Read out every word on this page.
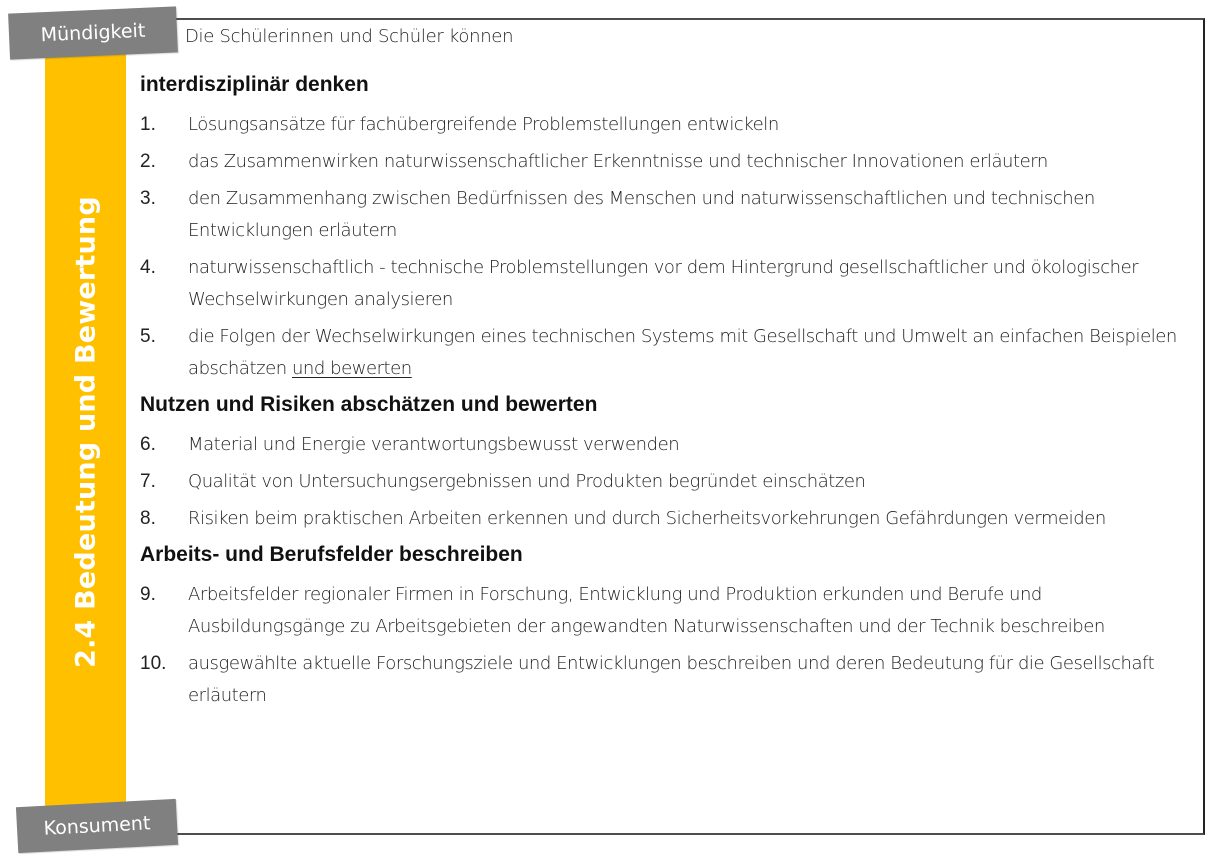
2.4 Bedeutung und Bewertung
Mündigkeit
Konsument
Die Schülerinnen und Schüler können
interdisziplinär denken
1.	Lösungsansätze für fachübergreifende Problemstellungen entwickeln
2.	das Zusammenwirken naturwissenschaftlicher Erkenntnisse und technischer Innovationen erläutern
3.	den Zusammenhang zwischen Bedürfnissen des Menschen und naturwissenschaftlichen und technischen Entwicklungen erläutern
4.	naturwissenschaftlich - technische Problemstellungen vor dem Hintergrund gesellschaftlicher und ökologischer Wechselwirkungen analysieren
5.	die Folgen der Wechselwirkungen eines technischen Systems mit Gesellschaft und Umwelt an einfachen Beispielen abschätzen und bewerten
Nutzen und Risiken abschätzen und bewerten
6.	Material und Energie verantwortungsbewusst verwenden
7.	Qualität von Untersuchungsergebnissen und Produkten begründet einschätzen
8.	Risiken beim praktischen Arbeiten erkennen und durch Sicherheitsvorkehrungen Gefährdungen vermeiden
Arbeits- und Berufsfelder beschreiben
9.	Arbeitsfelder regionaler Firmen in Forschung, Entwicklung und Produktion erkunden und Berufe und Ausbildungsgänge zu Arbeitsgebieten der angewandten Naturwissenschaften und der Technik beschreiben
10.	ausgewählte aktuelle Forschungsziele und Entwicklungen beschreiben und deren Bedeutung für die Gesellschaft erläutern
